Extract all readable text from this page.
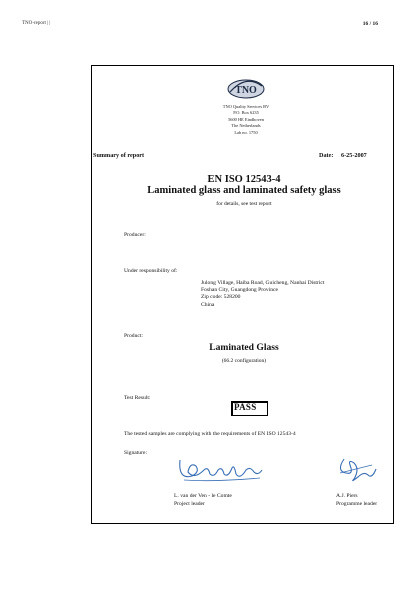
TNO-report | |	16 / 16
TNO
TNO Quality Services BV
P.O. Box 6235
5600 HE Eindhoven
The Netherlands
Lab no. 1750
Summary of report	Date: 6-25-2007
EN ISO 12543-4
Laminated glass and laminated safety glass
for details, see test report
Producer:
Under responsibility of:
Julong Village, Haiba Road, Guicheng, Nanhai District
Foshan City, Guangdong Province
Zip code: 528200
China
Product:
Laminated Glass
(66.2 configuration)
Test Result:
PASS
The tested samples are complying with the requirements of EN ISO 12543-4
Signature:
L. van der Ven - le Comte
Project leader
A.J. Piers
Programme leader
